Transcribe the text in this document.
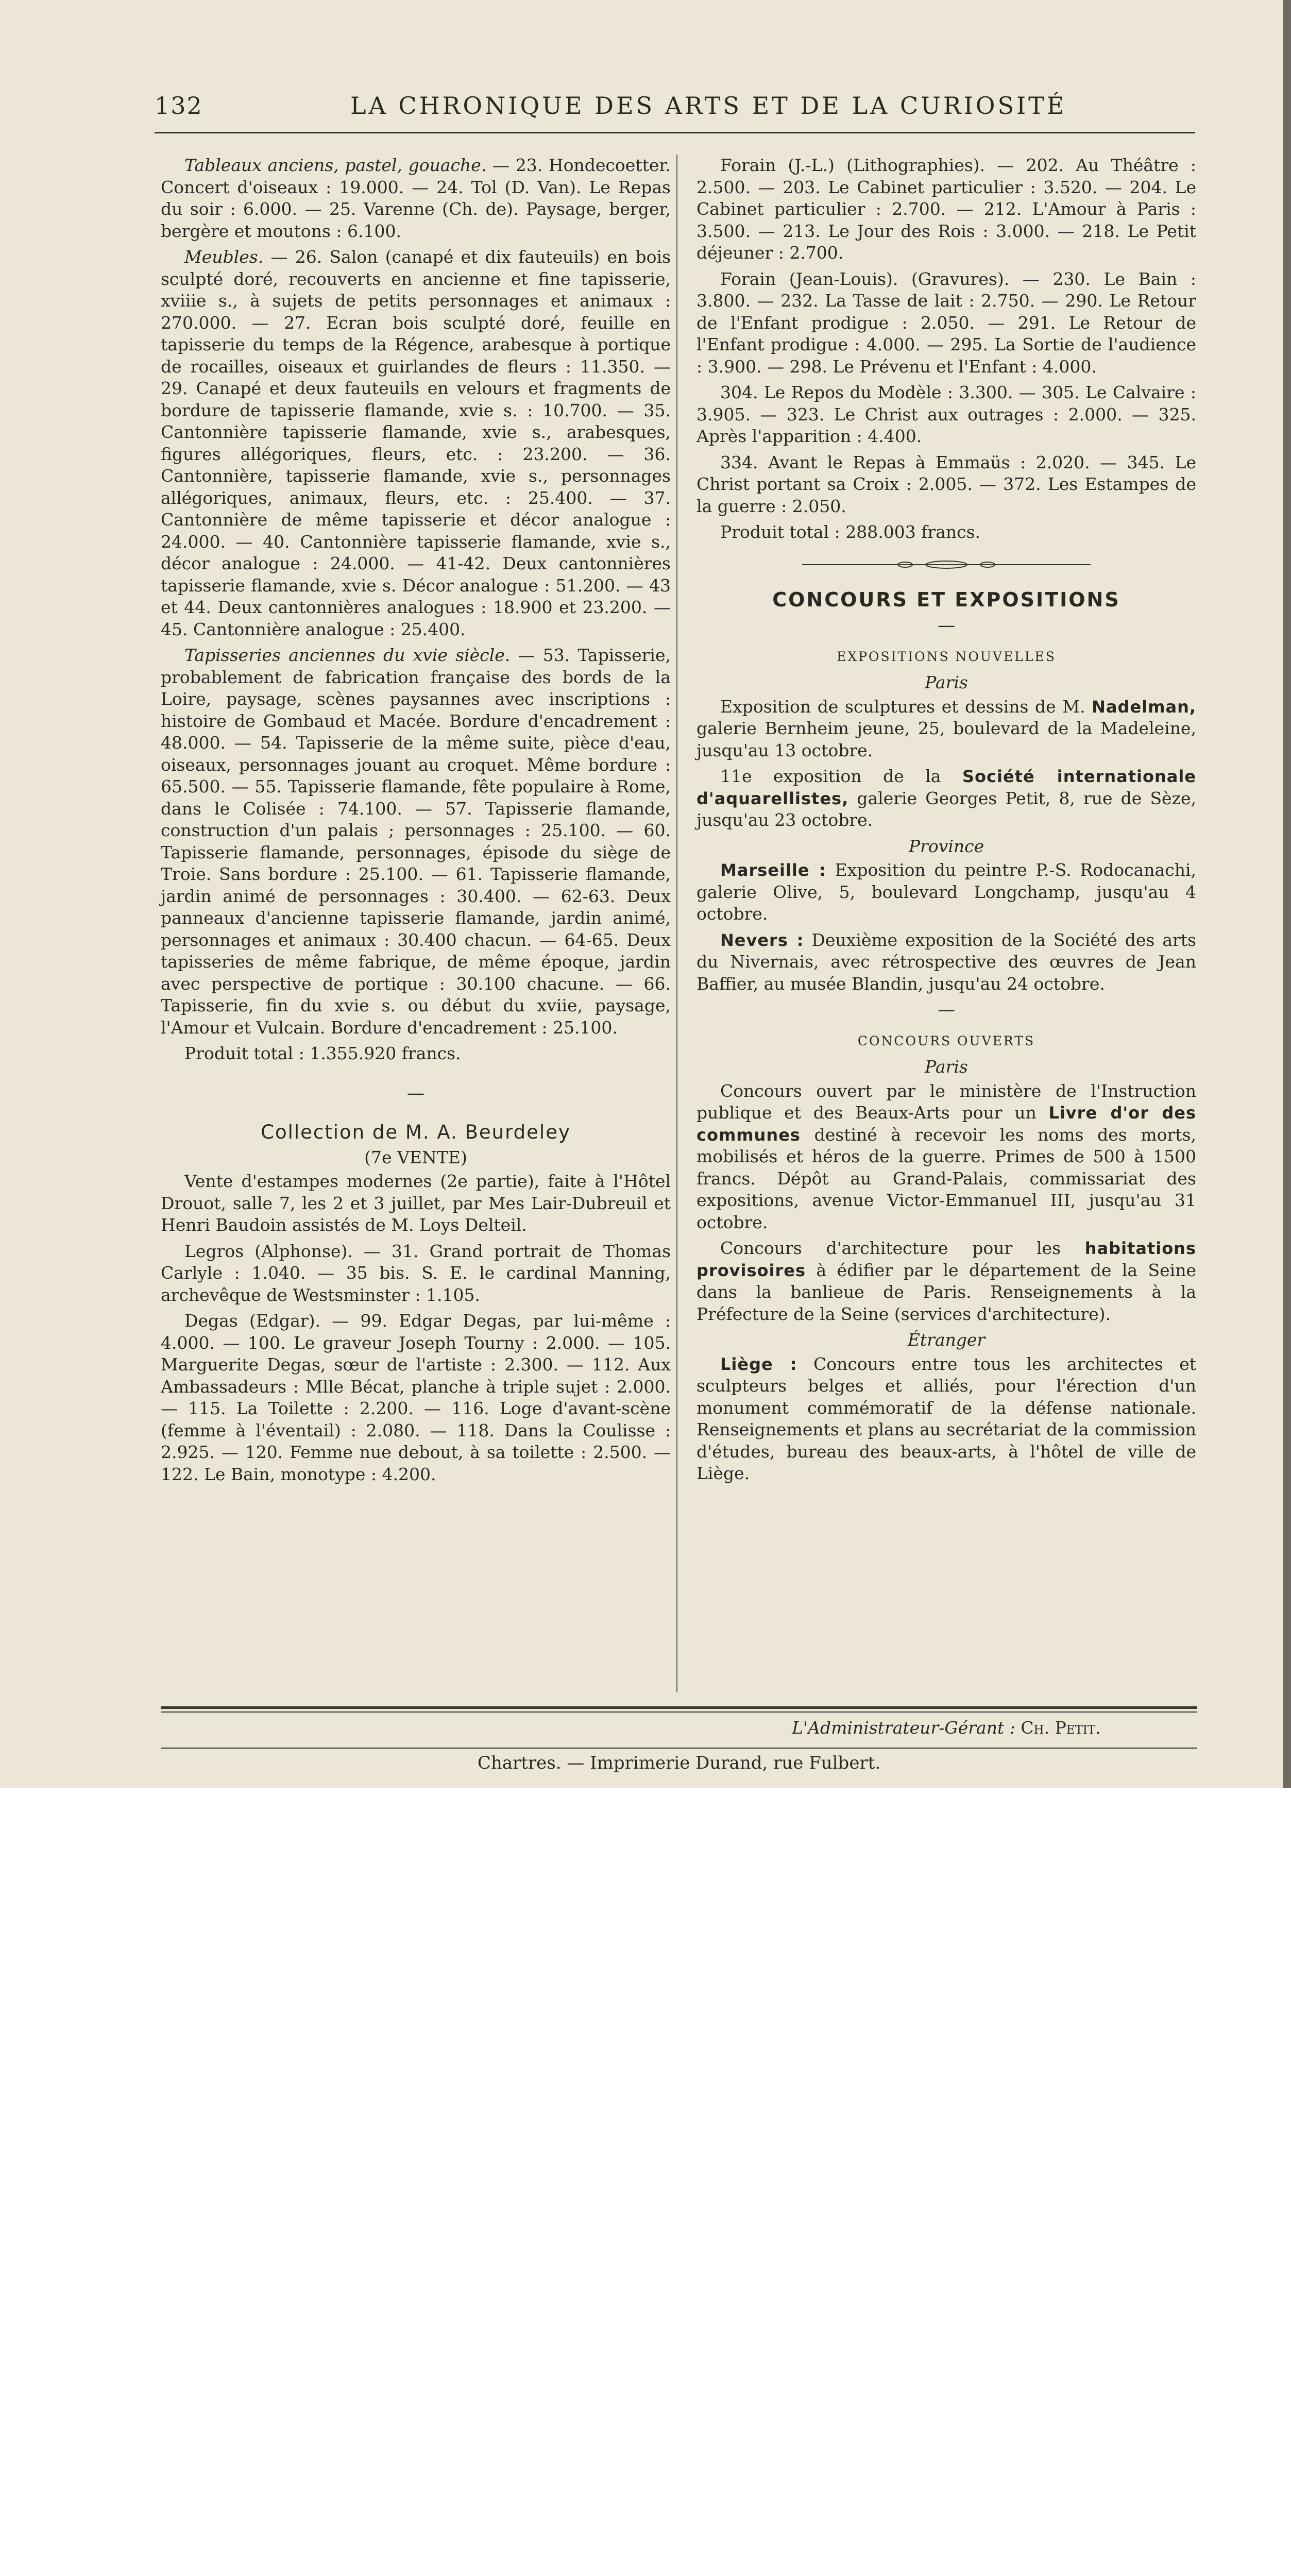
132	LA CHRONIQUE DES ARTS ET DE LA CURIOSITÉ

Tableaux anciens, pastel, gouache. — 23. Hondecoetter. Concert d'oiseaux : 19.000. — 24. Tol (D. Van). Le Repas du soir : 6.000. — 25. Varenne (Ch. de). Paysage, berger, bergère et moutons : 6.100.

Meubles. — 26. Salon (canapé et dix fauteuils) en bois sculpté doré, recouverts en ancienne et fine tapisserie, xviiie s., à sujets de petits personnages et animaux : 270.000. — 27. Ecran bois sculpté doré, feuille en tapisserie du temps de la Régence, arabesque à portique de rocailles, oiseaux et guirlandes de fleurs : 11.350. — 29. Canapé et deux fauteuils en velours et fragments de bordure de tapisserie flamande, xvie s. : 10.700. — 35. Cantonnière tapisserie flamande, xvie s., arabesques, figures allégoriques, fleurs, etc. : 23.200. — 36. Cantonnière, tapisserie flamande, xvie s., personnages allégoriques, animaux, fleurs, etc. : 25.400. — 37. Cantonnière de même tapisserie et décor analogue : 24.000. — 40. Cantonnière tapisserie flamande, xvie s., décor analogue : 24.000. — 41-42. Deux cantonnières tapisserie flamande, xvie s. Décor analogue : 51.200. — 43 et 44. Deux cantonnières analogues : 18.900 et 23.200. — 45. Cantonnière analogue : 25.400.

Tapisseries anciennes du xvie siècle. — 53. Tapisserie, probablement de fabrication française des bords de la Loire, paysage, scènes paysannes avec inscriptions : histoire de Gombaud et Macée. Bordure d'encadrement : 48.000. — 54. Tapisserie de la même suite, pièce d'eau, oiseaux, personnages jouant au croquet. Même bordure : 65.500. — 55. Tapisserie flamande, fête populaire à Rome, dans le Colisée : 74.100. — 57. Tapisserie flamande, construction d'un palais ; personnages : 25.100. — 60. Tapisserie flamande, personnages, épisode du siège de Troie. Sans bordure : 25.100. — 61. Tapisserie flamande, jardin animé de personnages : 30.400. — 62-63. Deux panneaux d'ancienne tapisserie flamande, jardin animé, personnages et animaux : 30.400 chacun. — 64-65. Deux tapisseries de même fabrique, de même époque, jardin avec perspective de portique : 30.100 chacune. — 66. Tapisserie, fin du xvie s. ou début du xviie, paysage, l'Amour et Vulcain. Bordure d'encadrement : 25.100.

Produit total : 1.355.920 francs.

—
Collection de M. A. Beurdeley
(7e VENTE)

Vente d'estampes modernes (2e partie), faite à l'Hôtel Drouot, salle 7, les 2 et 3 juillet, par Mes Lair-Dubreuil et Henri Baudoin assistés de M. Loys Delteil.

Legros (Alphonse). — 31. Grand portrait de Thomas Carlyle : 1.040. — 35 bis. S. E. le cardinal Manning, archevêque de Westsminster : 1.105.

Degas (Edgar). — 99. Edgar Degas, par lui-même : 4.000. — 100. Le graveur Joseph Tourny : 2.000. — 105. Marguerite Degas, sœur de l'artiste : 2.300. — 112. Aux Ambassadeurs : Mlle Bécat, planche à triple sujet : 2.000. — 115. La Toilette : 2.200. — 116. Loge d'avant-scène (femme à l'éventail) : 2.080. — 118. Dans la Coulisse : 2.925. — 120. Femme nue debout, à sa toilette : 2.500. — 122. Le Bain, monotype : 4.200.

Forain (J.-L.) (Lithographies). — 202. Au Théâtre : 2.500. — 203. Le Cabinet particulier : 3.520. — 204. Le Cabinet particulier : 2.700. — 212. L'Amour à Paris : 3.500. — 213. Le Jour des Rois : 3.000. — 218. Le Petit déjeuner : 2.700.

Forain (Jean-Louis). (Gravures). — 230. Le Bain : 3.800. — 232. La Tasse de lait : 2.750. — 290. Le Retour de l'Enfant prodigue : 2.050. — 291. Le Retour de l'Enfant prodigue : 4.000. — 295. La Sortie de l'audience : 3.900. — 298. Le Prévenu et l'Enfant : 4.000.

304. Le Repos du Modèle : 3.300. — 305. Le Calvaire : 3.905. — 323. Le Christ aux outrages : 2.000. — 325. Après l'apparition : 4.400.

334. Avant le Repas à Emmaüs : 2.020. — 345. Le Christ portant sa Croix : 2.005. — 372. Les Estampes de la guerre : 2.050.

Produit total : 288.003 francs.

CONCOURS ET EXPOSITIONS
—
EXPOSITIONS NOUVELLES
Paris

Exposition de sculptures et dessins de M. Nadelman, galerie Bernheim jeune, 25, boulevard de la Madeleine, jusqu'au 13 octobre.

11e exposition de la Société internationale d'aquarellistes, galerie Georges Petit, 8, rue de Sèze, jusqu'au 23 octobre.

Province

Marseille : Exposition du peintre P.-S. Rodocanachi, galerie Olive, 5, boulevard Longchamp, jusqu'au 4 octobre.

Nevers : Deuxième exposition de la Société des arts du Nivernais, avec rétrospective des œuvres de Jean Baffier, au musée Blandin, jusqu'au 24 octobre.

—
CONCOURS OUVERTS
Paris

Concours ouvert par le ministère de l'Instruction publique et des Beaux-Arts pour un Livre d'or des communes destiné à recevoir les noms des morts, mobilisés et héros de la guerre. Primes de 500 à 1500 francs. Dépôt au Grand-Palais, commissariat des expositions, avenue Victor-Emmanuel III, jusqu'au 31 octobre.

Concours d'architecture pour les habitations provisoires à édifier par le département de la Seine dans la banlieue de Paris. Renseignements à la Préfecture de la Seine (services d'architecture).

Étranger

Liège : Concours entre tous les architectes et sculpteurs belges et alliés, pour l'érection d'un monument commémoratif de la défense nationale. Renseignements et plans au secrétariat de la commission d'études, bureau des beaux-arts, à l'hôtel de ville de Liège.

L'Administrateur-Gérant : Ch. Petit.
Chartres. — Imprimerie Durand, rue Fulbert.
